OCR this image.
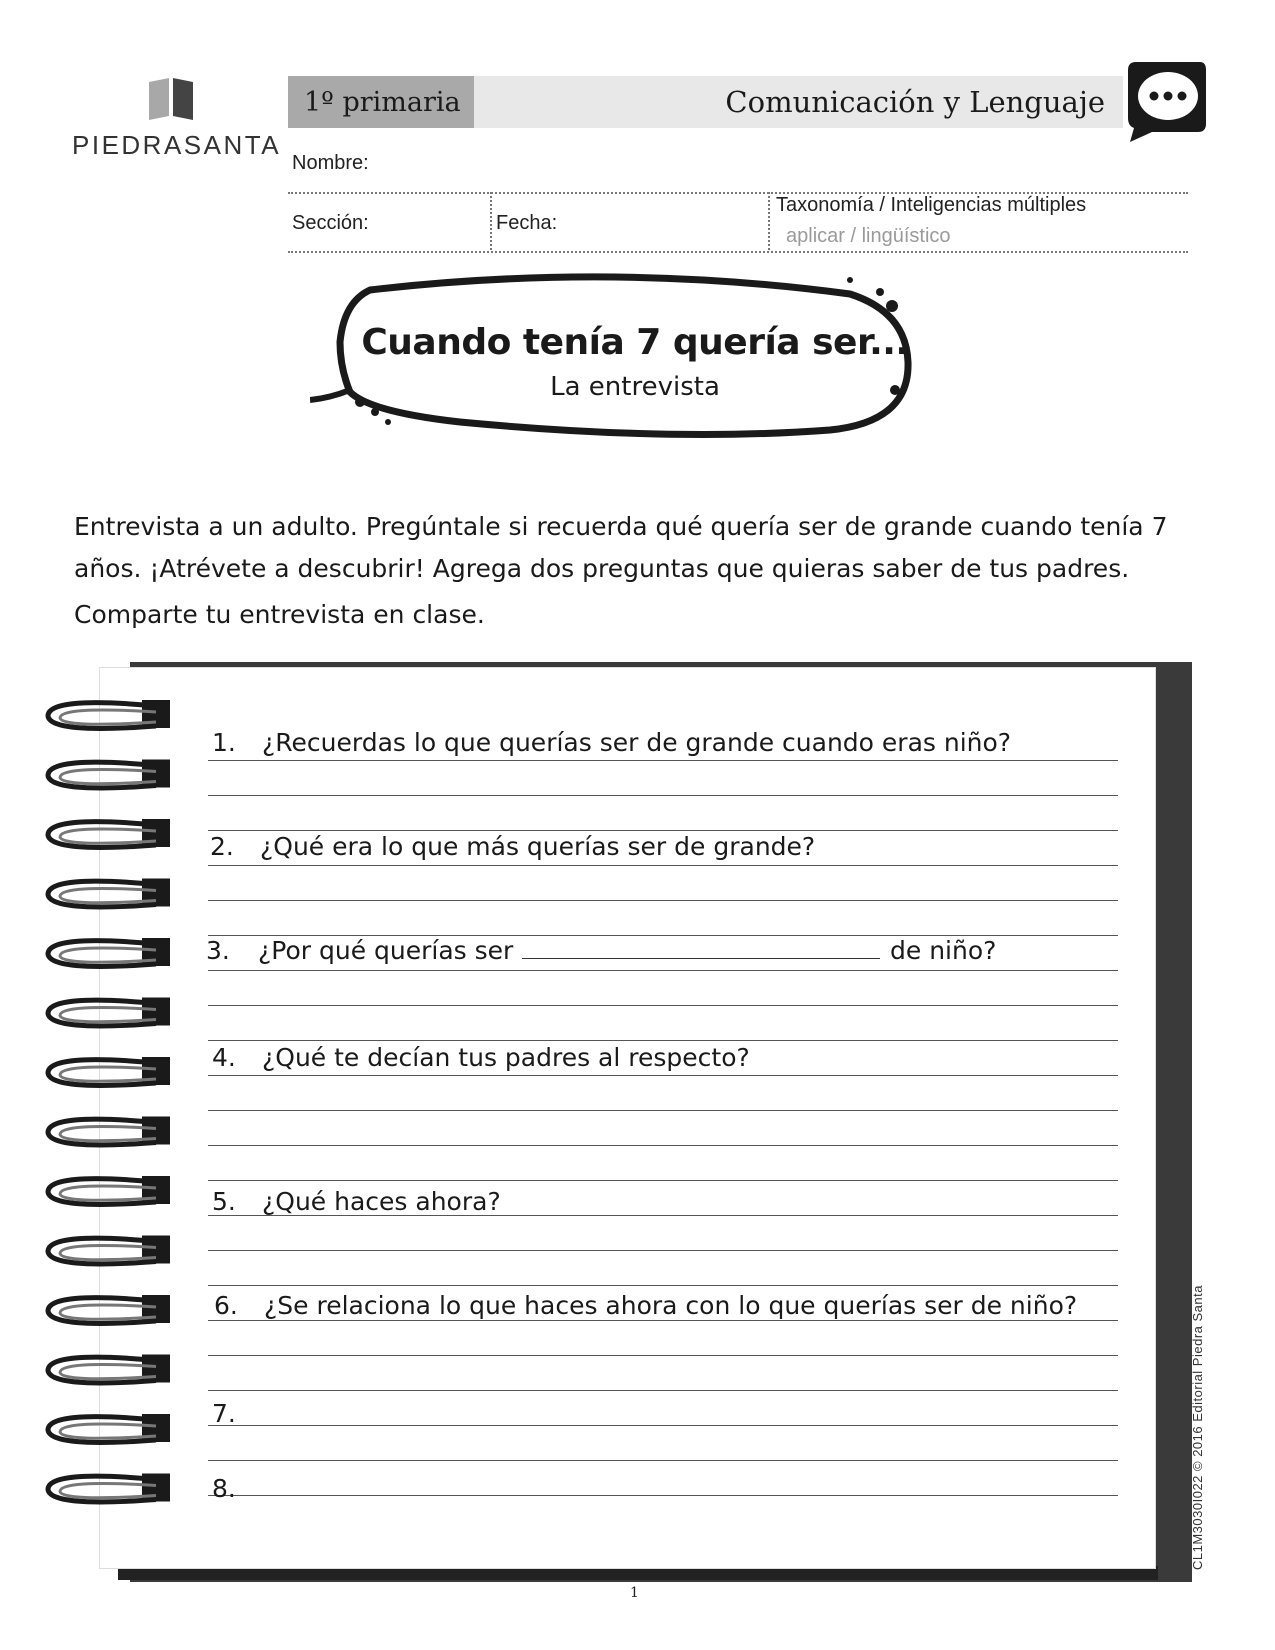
PIEDRASANTA
1º primaria	Comunicación y Lenguaje
Nombre:
Sección:	Fecha:
Taxonomía / Inteligencias múltiples
aplicar / lingüístico
Cuando tenía 7 quería ser...
La entrevista
Entrevista a un adulto. Pregúntale si recuerda qué quería ser de grande cuando tenía 7
años. ¡Atrévete a descubrir! Agrega dos preguntas que quieras saber de tus padres.
Comparte tu entrevista en clase.
1. ¿Recuerdas lo que querías ser de grande cuando eras niño?
2. ¿Qué era lo que más querías ser de grande?
3. ¿Por qué querías ser	de niño?
4. ¿Qué te decían tus padres al respecto?
5. ¿Qué haces ahora?
6. ¿Se relaciona lo que haces ahora con lo que querías ser de niño?
7.
8.	CL1M3030I022 © 2016 Editorial Piedra Santa
1
